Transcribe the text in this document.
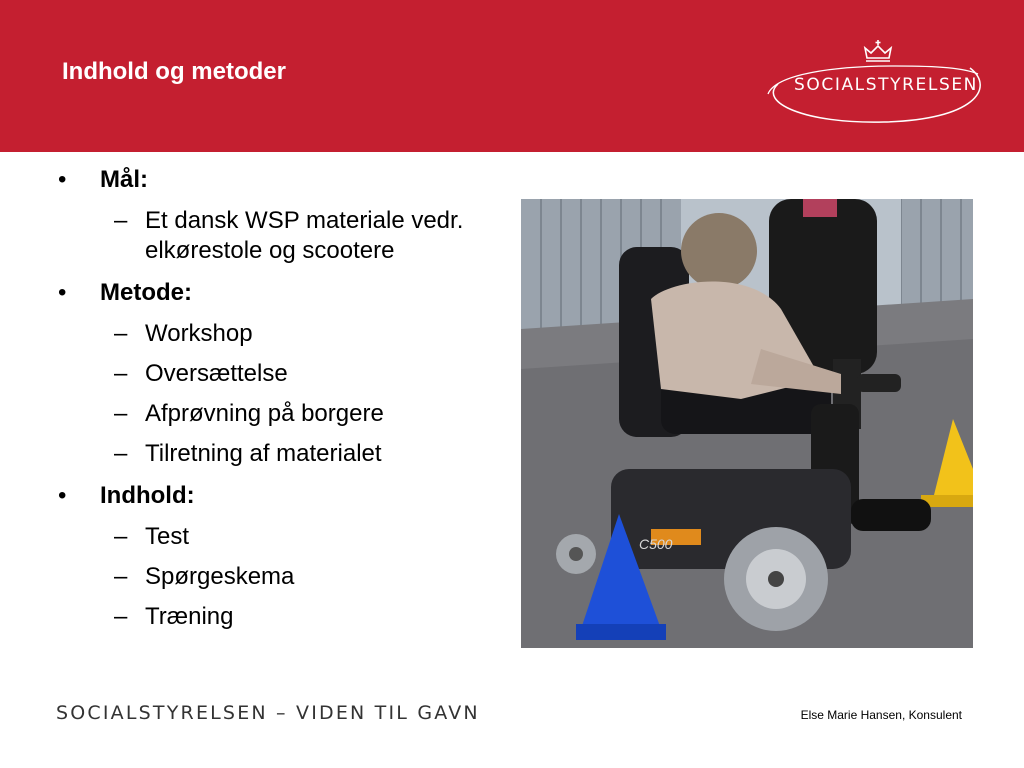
Indhold og metoder	SOCIALSTYRELSEN
• Mål:
– Et dansk WSP materiale vedr. elkørestole og scootere
• Metode:
– Workshop
– Oversættelse
– Afprøvning på borgere
– Tilretning af materialet
• Indhold:
– Test
– Spørgeskema
– Træning
C500
SOCIALSTYRELSEN – VIDEN TIL GAVN	Else Marie Hansen, Konsulent
